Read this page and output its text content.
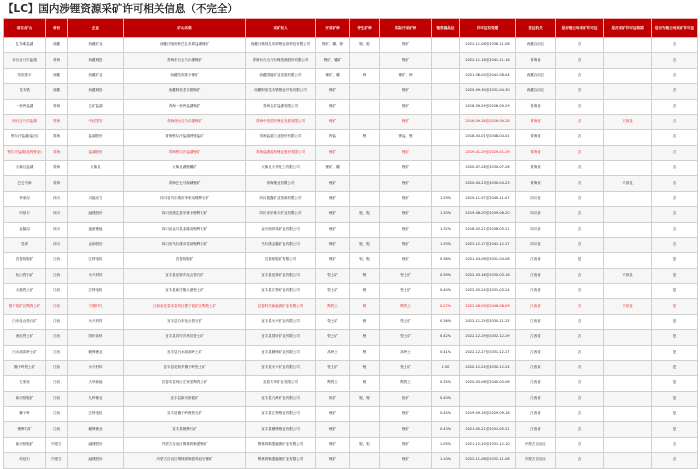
【LC】国内涉锂资源采矿许可相关信息（不完全）
项目/矿山	省份	企业	矿山名称	采矿权人	开采矿种	伴生矿种	实际开采矿种	锂资源品位	许可证有效期	发证机关	是否锂云母采矿许可证	是否采矿许可证续期	是否为锂云母采矿许可证
扎布耶盐湖	西藏	西藏矿业	西藏日喀则仲巴扎布耶盐湖锂矿	西藏日喀则扎布耶锂业高科技有限公司	锂矿、硼、钾	铷、铯	锂矿		2022-11-08至2036-11-08	西藏自治区	否		否
东台吉乃尔盐湖	青海	西藏城投	青海东台吉乃尔湖锂矿	青海东台吉乃尔锂资源股份有限公司	锂矿、硼矿		锂矿		2022-11-16至2041-11-16	青海省	否		否
结则茶卡	西藏	西藏矿业	西藏结则茶卡锂矿	西藏国能矿业发展有限公司	锂矿、硼	钾	锂矿、钾		2021-08-04至2041-08-04	西藏自治区	否		否
龙木错	西藏	西藏城投	西藏阿里龙木错锂矿	西藏阿里龙木错锂业开发有限公司	锂矿		锂矿		2020-09-30至2031-04-30	西藏自治区	否		否
一里坪盐湖	青海	五矿盐湖	青海一里坪盐湖锂矿	青海五矿盐湖有限公司	锂矿		锂矿		2018-09-29至2028-09-29	青海省	否		否
西台吉乃尔盐湖	青海	中信国安	青海西台吉乃尔湖锂矿	青海中信国安锂业发展有限公司	锂矿		锂矿		2016-09-28至2026-09-28	青海省	否	不涉及	否
察尔汗盐湖(盐田)	青海	盐湖股份	青海察尔汗盐湖钾镁盐矿	青海盐湖工业股份有限公司	钾盐	锂	钾盐、锂		2018-04-01至2048-04-01	青海省	否		否
察尔汗盐湖(蓝科锂业)	青海	盐湖股份	青海察尔汗盐湖锂矿	青海盐湖蓝科锂业股份有限公司	锂矿		锂矿		2019-01-29至2029-01-29	青海省	否		否
大柴旦盐湖	青海	大柴旦	大柴旦湖锂硼矿	大柴旦大华化工有限公司	锂矿、硼		锂矿		2020-07-26至2030-07-26	青海省	否		否
巴仑马海	青海		青海巴仑马海湖锂矿	青海锂业有限公司	锂矿		锂矿		2020-04-23至2030-04-23	青海省	否	不涉及	否
李家沟	四川	川能动力	四川省马尔康市李家沟锂辉石矿	四川德鑫矿业资源有限公司	锂矿		锂矿	1.29%	2019-11-07至2049-11-07	四川省	否		否
甲基卡	四川	融捷股份	四川省康定县甲基卡锂辉石矿	四川省甲基卡矿业有限公司	锂矿	铍、铌	锂矿	1.30%	2019-06-20至2039-06-20	四川省	否		否
业隆沟	四川	盛新锂能	四川省金川县业隆沟锂辉石矿	金川奥伊诺矿业有限公司	锂矿		锂矿	1.32%	2018-03-21至2038-03-21	四川省	否		否
党坝	四川	众和股份	四川省马尔康市党坝锂辉石矿	马尔康金鑫矿业有限公司	锂矿	铍、铌	锂矿	1.33%	2022-12-17至2041-12-17	四川省	否		否
宜春钽铌矿	江西	江特电机	宜春钽铌矿	宜春钽铌矿有限公司	锂矿	钽、铌	锂矿	0.38%	2021-04-06至2031-04-06	江西省	是		是
化山瓷石矿	江西	永兴材料	宜丰县花桥乡化山瓷石矿	宜丰县花桥矿业有限公司	瓷土矿	锂	瓷土矿	0.39%	2022-03-16至2030-03-16	江西省	否	不涉及	是
大港瓷土矿	江西	江特电机	宜丰县新庄镇大港瓷土矿	宜丰县江特矿业有限公司	瓷土矿	锂	瓷土矿	0.40%	2022-03-24至2031-03-24	江西省	否		是
枧下窝矿区陶瓷土矿	江西	宁德时代	江西省宜春市袁州区枧下窝矿区陶瓷土矿	宜春时代新能源矿业有限公司	陶瓷土	锂	陶瓷土	0.27%	2022-08-09至2046-08-09	江西省	否	不涉及	是
白市化山瓷石矿	江西	永兴材料	宜丰县白市化山瓷石矿	宜丰县永兴矿业有限公司	瓷土矿	锂	瓷土矿	0.36%	2022-11-25至2030-11-25	江西省	否		是
茜坑瓷土矿	江西	国轩高科	宜丰县同安乡茜坑瓷土矿	宜丰县国轩矿业有限公司	瓷土矿	锂	瓷土矿	0.42%	2022-12-29至2032-12-29	江西省	否		是
白水洞高岭土矿	江西	赣锋锂业	宜丰县白水洞高岭土矿	宜丰县赣锋矿业有限公司	高岭土	锂	高岭土	0.41%	2022-12-27至2031-12-27	江西省	否		是
狮子岭瓷土矿	江西	永兴材料	宜丰县花桥乡狮子岭瓷土矿	宜丰县永兴矿业有限公司	瓷土矿	锂	瓷土矿	1.50	2020-12-24至2030-12-24	江西省	否		是
左家里	江西	天华新能	宜春市袁州区左家里陶瓷土矿	宜春天华矿业有限公司	陶瓷土	锂	陶瓷土	0.35%	2020-03-06至2040-03-06	江西省	否		是
新坊钽铌矿	江西	九岭锂业	宜丰县新坊钽铌矿	宜丰县九岭矿业有限公司	钽矿	铌、锂	钽矿	0.40%		江西省	否		是
狮子岭	江西	江特电机	宜丰县狮子岭锂瓷石矿	宜丰县江特锂业有限公司	锂矿		锂矿	0.45%	2019-09-16至2029-09-16	江西省	否		是
锂辉石矿	江西	赣锋锂业	宜丰县锂辉石矿	宜丰县赣锋锂业有限公司	锂矿		锂矿	0.43%	2021-05-21至2031-05-21	江西省	否		是
新坊钽铌矿	内蒙古	融捷股份	内蒙古自治区锡林郭勒盟锂矿	锡林郭勒盟融捷矿业有限公司	锂矿	铌、钽	锂矿	1.05%	2021-12-10至2031-12-10	内蒙古自治区	否		否
鸡冠石	内蒙古	融捷股份	内蒙古自治区锡林郭勒盟鸡冠石锂矿	锡林郭勒盟融捷矿业有限公司	锂矿		锂矿	1.10%	2022-11-08至2032-11-08	内蒙古自治区	否		否
